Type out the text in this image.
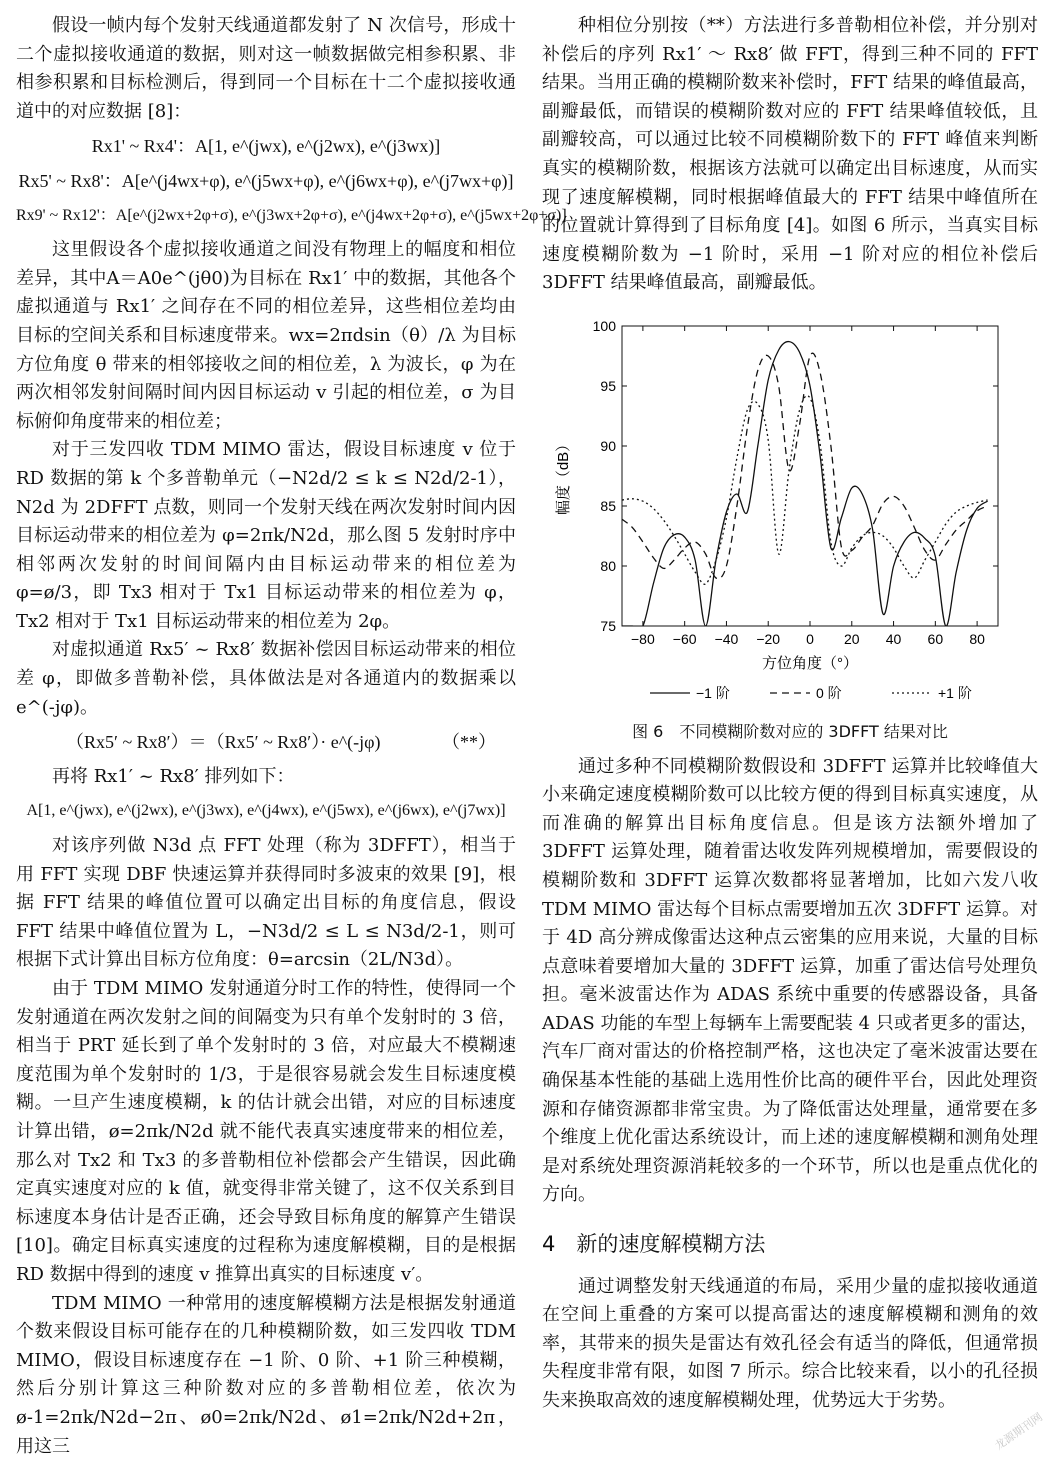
假设一帧内每个发射天线通道都发射了 N 次信号，形成十二个虚拟接收通道的数据，则对这一帧数据做完相参积累、非相参积累和目标检测后，得到同一个目标在十二个虚拟接收通道中的对应数据 [8]：

Rx1' ~ Rx4'：A[1, e^(jwx), e^(j2wx), e^(j3wx)]
Rx5' ~ Rx8'：A[e^(j4wx+φ), e^(j5wx+φ), e^(j6wx+φ), e^(j7wx+φ)]
Rx9' ~ Rx12'：A[e^(j2wx+2φ+σ), e^(j3wx+2φ+σ), e^(j4wx+2φ+σ), e^(j5wx+2φ+σ)]

这里假设各个虚拟接收通道之间没有物理上的幅度和相位差异，其中A＝A0e^(jθ0)为目标在 Rx1′ 中的数据，其他各个虚拟通道与 Rx1′ 之间存在不同的相位差异，这些相位差均由目标的空间关系和目标速度带来。wx=2πdsin（θ）/λ 为目标方位角度 θ 带来的相邻接收之间的相位差，λ 为波长，φ 为在两次相邻发射间隔时间内因目标运动 v 引起的相位差，σ 为目标俯仰角度带来的相位差；

对于三发四收 TDM MIMO 雷达，假设目标速度 v 位于 RD 数据的第 k 个多普勒单元（−N2d/2 ≤ k ≤ N2d/2-1），N2d 为 2DFFT 点数，则同一个发射天线在两次发射时间内因目标运动带来的相位差为 φ=2πk/N2d，那么图 5 发射时序中相邻两次发射的时间间隔内由目标运动带来的相位差为 φ=ø/3，即 Tx3 相对于 Tx1 目标运动带来的相位差为 φ，Tx2 相对于 Tx1 目标运动带来的相位差为 2φ。

对虚拟通道 Rx5′ ~ Rx8′ 数据补偿因目标运动带来的相位差 φ，即做多普勒补偿，具体做法是对各通道内的数据乘以 e^(-jφ)。

（Rx5′ ~ Rx8′）＝（Rx5′ ~ Rx8′）· e^(-jφ)	（**）

再将 Rx1′ ~ Rx8′ 排列如下：

A[1, e^(jwx), e^(j2wx), e^(j3wx), e^(j4wx), e^(j5wx), e^(j6wx), e^(j7wx)]

对该序列做 N3d 点 FFT 处理（称为 3DFFT），相当于用 FFT 实现 DBF 快速运算并获得同时多波束的效果 [9]，根据 FFT 结果的峰值位置可以确定出目标的角度信息，假设 FFT 结果中峰值位置为 L，−N3d/2 ≤ L ≤ N3d/2-1，则可根据下式计算出目标方位角度：θ=arcsin（2L/N3d）。

由于 TDM MIMO 发射通道分时工作的特性，使得同一个发射通道在两次发射之间的间隔变为只有单个发射时的 3 倍，相当于 PRT 延长到了单个发射时的 3 倍，对应最大不模糊速度范围为单个发射时的 1/3，于是很容易就会发生目标速度模糊。一旦产生速度模糊，k 的估计就会出错，对应的目标速度计算出错，ø=2πk/N2d 就不能代表真实速度带来的相位差，那么对 Tx2 和 Tx3 的多普勒相位补偿都会产生错误，因此确定真实速度对应的 k 值，就变得非常关键了，这不仅关系到目标速度本身估计是否正确，还会导致目标角度的解算产生错误 [10]。确定目标真实速度的过程称为速度解模糊，目的是根据 RD 数据中得到的速度 v 推算出真实的目标速度 v′。

TDM MIMO 一种常用的速度解模糊方法是根据发射通道个数来假设目标可能存在的几种模糊阶数，如三发四收 TDM MIMO，假设目标速度存在 −1 阶、0 阶、+1 阶三种模糊，然后分别计算这三种阶数对应的多普勒相位差，依次为 ø-1=2πk/N2d−2π、ø0=2πk/N2d、ø1=2πk/N2d+2π，用这三

种相位分别按（**）方法进行多普勒相位补偿，并分别对补偿后的序列 Rx1′ ～ Rx8′ 做 FFT，得到三种不同的 FFT 结果。当用正确的模糊阶数来补偿时，FFT 结果的峰值最高，副瓣最低，而错误的模糊阶数对应的 FFT 结果峰值较低，且副瓣较高，可以通过比较不同模糊阶数下的 FFT 峰值来判断真实的模糊阶数，根据该方法就可以确定出目标速度，从而实现了速度解模糊，同时根据峰值最大的 FFT 结果中峰值所在的位置就计算得到了目标角度 [4]。如图 6 所示，当真实目标速度模糊阶数为 −1 阶时，采用 −1 阶对应的相位补偿后 3DFFT 结果峰值最高，副瓣最低。

−80 −60 −40 −20 0 20 40 60 80
75
80
85
90
95
100
方位角度（°）
幅度（dB）
−1 阶	0 阶	+1 阶
图 6　不同模糊阶数对应的 3DFFT 结果对比

通过多种不同模糊阶数假设和 3DFFT 运算并比较峰值大小来确定速度模糊阶数可以比较方便的得到目标真实速度，从而准确的解算出目标角度信息。但是该方法额外增加了 3DFFT 运算处理，随着雷达收发阵列规模增加，需要假设的模糊阶数和 3DFFT 运算次数都将显著增加，比如六发八收 TDM MIMO 雷达每个目标点需要增加五次 3DFFT 运算。对于 4D 高分辨成像雷达这种点云密集的应用来说，大量的目标点意味着要增加大量的 3DFFT 运算，加重了雷达信号处理负担。毫米波雷达作为 ADAS 系统中重要的传感器设备，具备 ADAS 功能的车型上每辆车上需要配装 4 只或者更多的雷达，汽车厂商对雷达的价格控制严格，这也决定了毫米波雷达要在确保基本性能的基础上选用性价比高的硬件平台，因此处理资源和存储资源都非常宝贵。为了降低雷达处理量，通常要在多个维度上优化雷达系统设计，而上述的速度解模糊和测角处理是对系统处理资源消耗较多的一个环节，所以也是重点优化的方向。

4　新的速度解模糊方法

通过调整发射天线通道的布局，采用少量的虚拟接收通道在空间上重叠的方案可以提高雷达的速度解模糊和测角的效率，其带来的损失是雷达有效孔径会有适当的降低，但通常损失程度非常有限，如图 7 所示。综合比较来看，以小的孔径损失来换取高效的速度解模糊处理，优势远大于劣势。

龙源期刊网
